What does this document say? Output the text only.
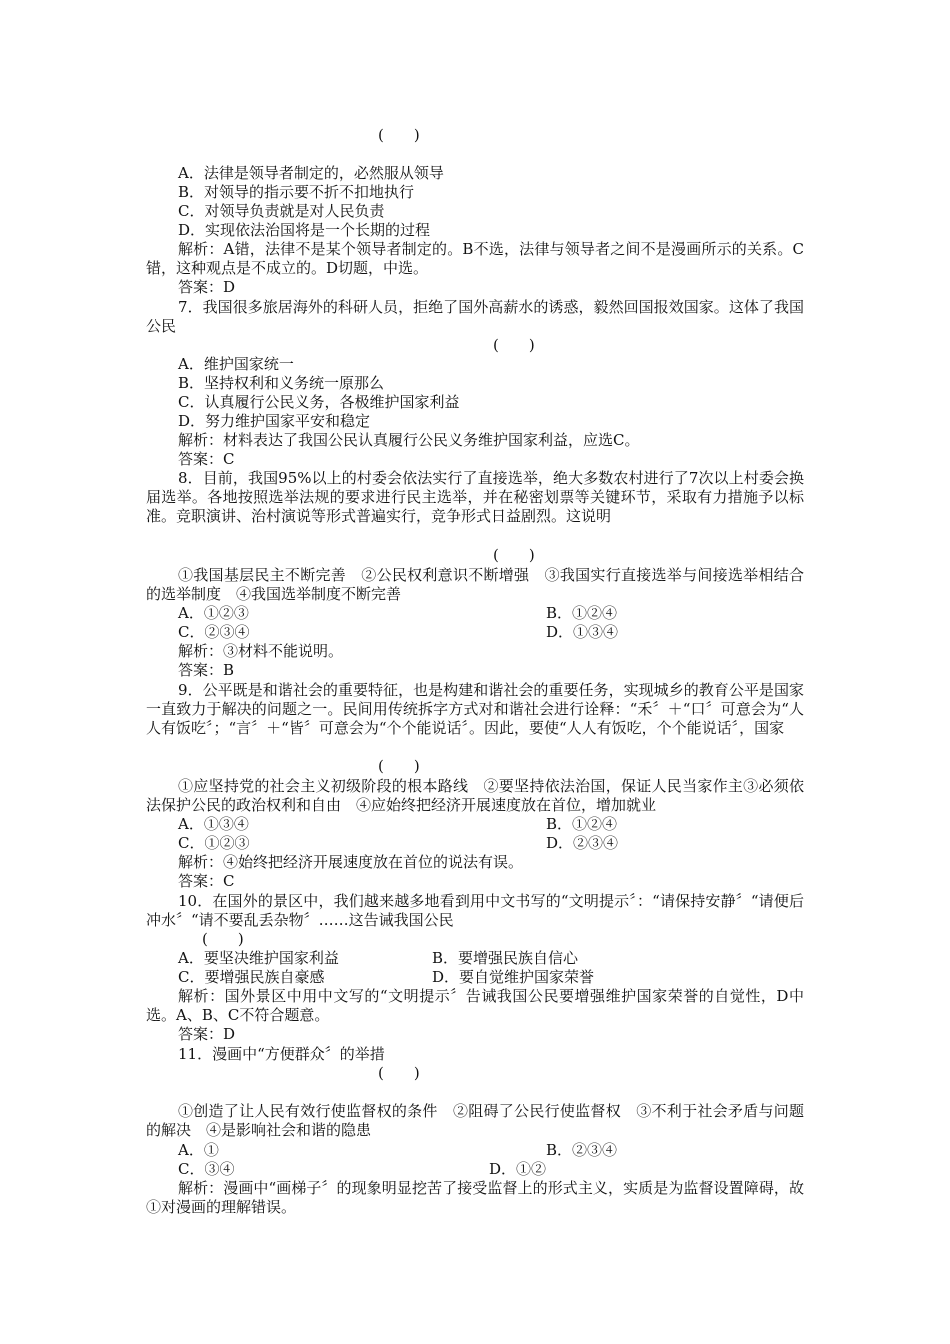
(　　)
A．法律是领导者制定的，必然服从领导
B．对领导的指示要不折不扣地执行
C．对领导负责就是对人民负责
D．实现依法治国将是一个长期的过程
解析：A错，法律不是某个领导者制定的。B不选，法律与领导者之间不是漫画所示的关系。C错，这种观点是不成立的。D切题，中选。
答案：D
7．我国很多旅居海外的科研人员，拒绝了国外高薪水的诱惑，毅然回国报效国家。这体了我国公民
(　　)
A．维护国家统一
B．坚持权利和义务统一原那么
C．认真履行公民义务，各极维护国家利益
D．努力维护国家平安和稳定
解析：材料表达了我国公民认真履行公民义务维护国家利益，应选C。
答案：C
8．目前，我国95%以上的村委会依法实行了直接选举，绝大多数农村进行了7次以上村委会换届选举。各地按照选举法规的要求进行民主选举，并在秘密划票等关键环节，采取有力措施予以标准。竞职演讲、治村演说等形式普遍实行，竞争形式日益剧烈。这说明
(　　)
①我国基层民主不断完善　②公民权利意识不断增强　③我国实行直接选举与间接选举相结合的选举制度　④我国选举制度不断完善
A．①②③	B．①②④
C．②③④	D．①③④
解析：③材料不能说明。
答案：B
9．公平既是和谐社会的重要特征，也是构建和谐社会的重要任务，实现城乡的教育公平是国家一直致力于解决的问题之一。民间用传统拆字方式对和谐社会进行诠释：“禾〞＋“口〞可意会为“人人有饭吃〞；“言〞＋“皆〞可意会为“个个能说话〞。因此，要使“人人有饭吃，个个能说话〞，国家
(　　)
①应坚持党的社会主义初级阶段的根本路线　②要坚持依法治国，保证人民当家作主③必须依法保护公民的政治权利和自由　④应始终把经济开展速度放在首位，增加就业
A．①③④	B．①②④
C．①②③	D．②③④
解析：④始终把经济开展速度放在首位的说法有误。
答案：C
10．在国外的景区中，我们越来越多地看到用中文书写的“文明提示〞：“请保持安静〞“请便后冲水〞“请不要乱丢杂物〞……这告诫我国公民
(　　)
A．要坚决维护国家利益	B．要增强民族自信心
C．要增强民族自豪感	D．要自觉维护国家荣誉
解析：国外景区中用中文写的“文明提示〞告诫我国公民要增强维护国家荣誉的自觉性，D中选。A、B、C不符合题意。
答案：D
11．漫画中“方便群众〞的举措
(　　)
①创造了让人民有效行使监督权的条件　②阻碍了公民行使监督权　③不利于社会矛盾与问题的解决　④是影响社会和谐的隐患
A．①	B．②③④
C．③④	D．①②
解析：漫画中“画梯子〞的现象明显挖苦了接受监督上的形式主义，实质是为监督设置障碍，故①对漫画的理解错误。
